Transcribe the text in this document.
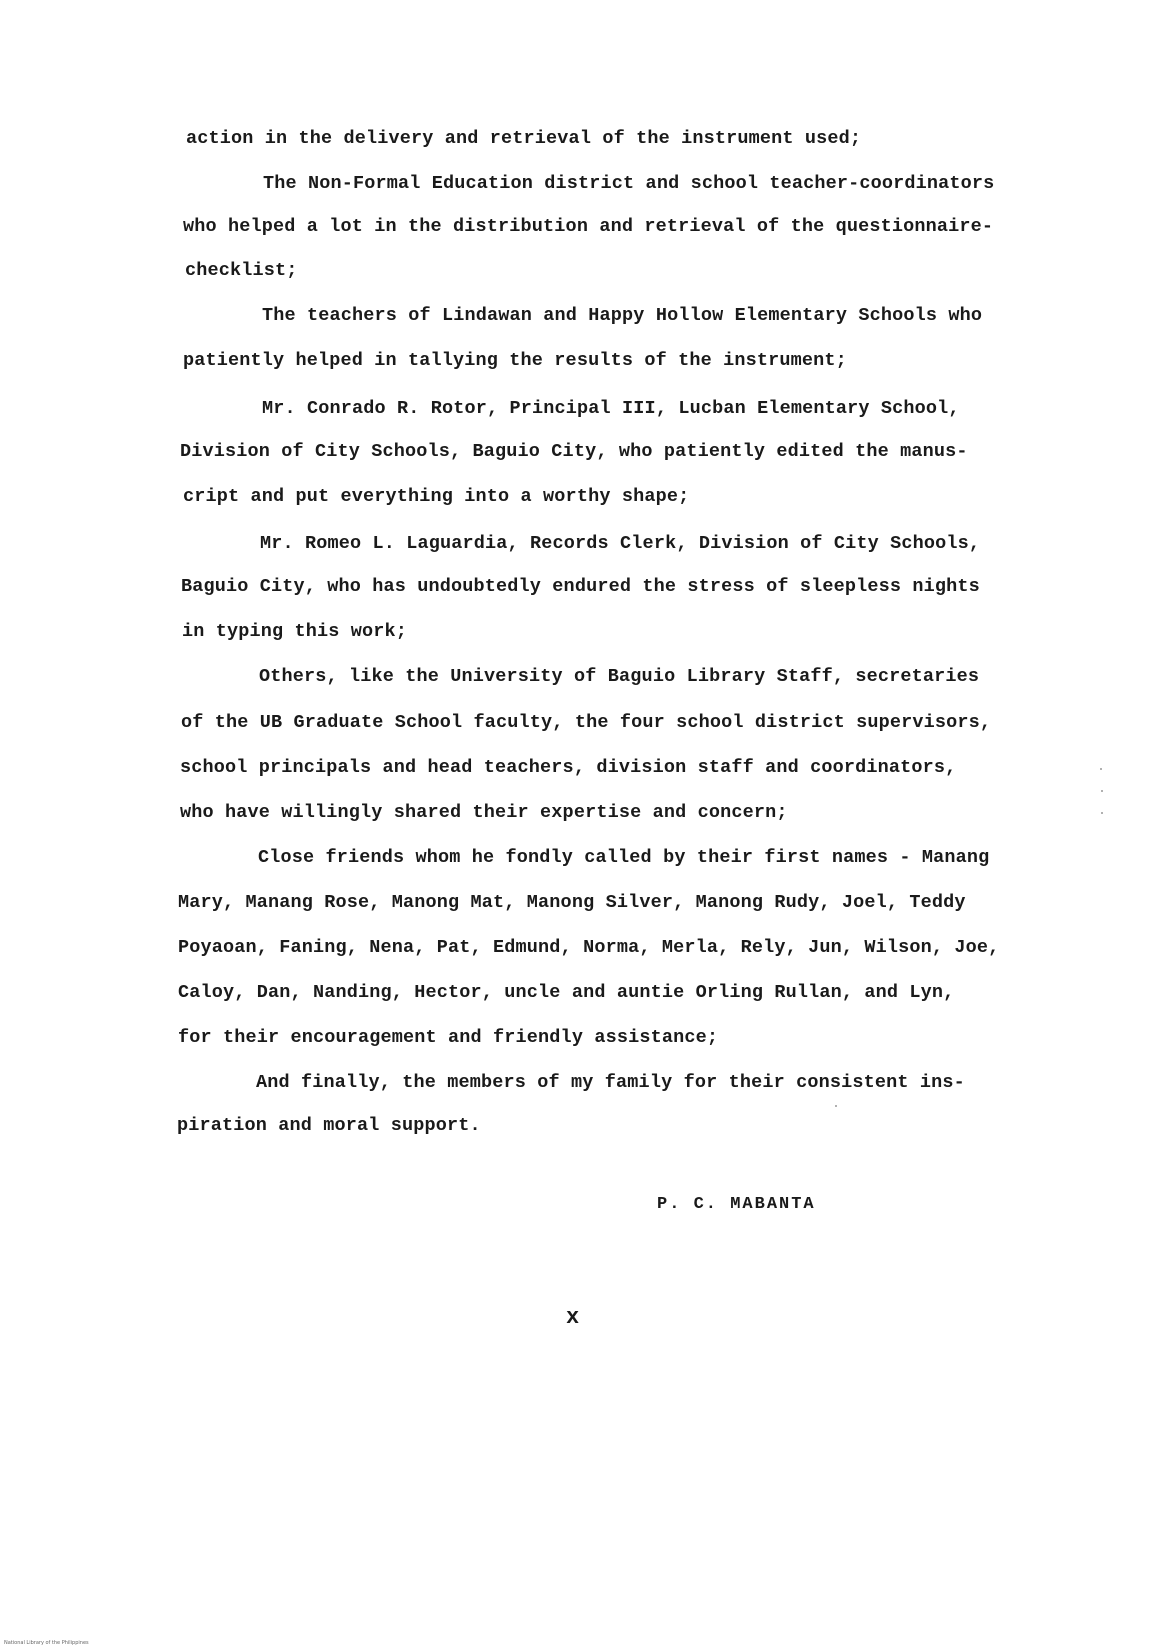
action in the delivery and retrieval of the instrument used;
The Non-Formal Education district and school teacher-coordinators
who helped a lot in the distribution and retrieval of the questionnaire-
checklist;
The teachers of Lindawan and Happy Hollow Elementary Schools who
patiently helped in tallying the results of the instrument;
Mr. Conrado R. Rotor, Principal III, Lucban Elementary School,
Division of City Schools, Baguio City, who patiently edited the manus-
cript and put everything into a worthy shape;
Mr. Romeo L. Laguardia, Records Clerk, Division of City Schools,
Baguio City, who has undoubtedly endured the stress of sleepless nights
in typing this work;
Others, like the University of Baguio Library Staff, secretaries
of the UB Graduate School faculty, the four school district supervisors,
school principals and head teachers, division staff and coordinators,
who have willingly shared their expertise and concern;
Close friends whom he fondly called by their first names - Manang
Mary, Manang Rose, Manong Mat, Manong Silver, Manong Rudy, Joel, Teddy
Poyaoan, Faning, Nena, Pat, Edmund, Norma, Merla, Rely, Jun, Wilson, Joe,
Caloy, Dan, Nanding, Hector, uncle and auntie Orling Rullan, and Lyn,
for their encouragement and friendly assistance;
And finally, the members of my family for their consistent ins-
piration and moral support.
P. C. MABANTA
x
National Library of the Philippines
